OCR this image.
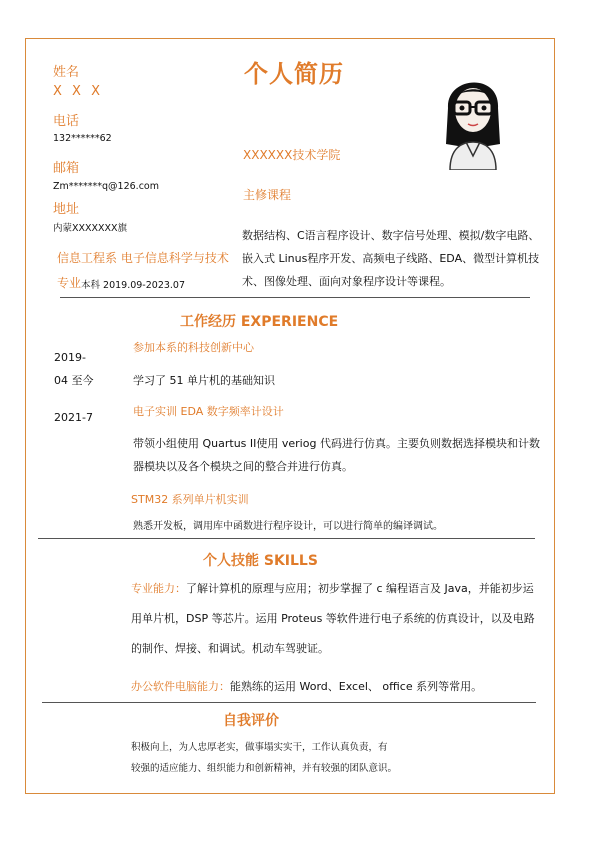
姓名
X X X
电话
132******62
邮箱
Zm*******q@126.com
地址
内蒙XXXXXXX旗
信息工程系 电子信息科学与技术
专业 本科 2019.09-2023.07
个人简历
XXXXXX技术学院
主修课程
数据结构、C语言程序设计、数字信号处理、模拟/数字电路、嵌入式 Linus程序开发、高频电子线路、EDA、微型计算机技术、图像处理、面向对象程序设计等课程。
工作经历 EXPERIENCE
2019-
04 至今
2021-7
参加本系的科技创新中心
学习了 51 单片机的基础知识
电子实训 EDA 数字频率计设计
带领小组使用 Quartus II使用 veriog 代码进行仿真。主要负则数据选择模块和计数器模块以及各个模块之间的整合并进行仿真。
STM32 系列单片机实训
熟悉开发板，调用库中函数进行程序设计，可以进行简单的编译调试。
个人技能 SKILLS
专业能力：了解计算机的原理与应用；初步掌握了 c 编程语言及 Java，并能初步运用单片机，DSP 等芯片。运用 Proteus 等软件进行电子系统的仿真设计，以及电路的制作、焊接、和调试。机动车驾驶证。
办公软件电脑能力：能熟练的运用 Word、Excel、 office 系列等常用。
自我评价
积极向上，为人忠厚老实，做事塌实实干，工作认真负责，有
较强的适应能力、组织能力和创新精神，并有较强的团队意识。
